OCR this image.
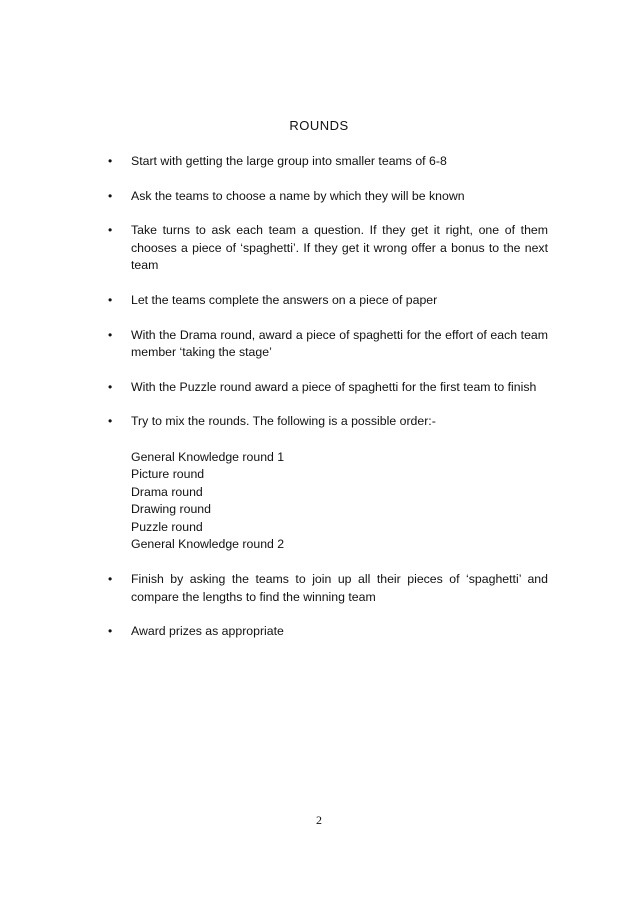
ROUNDS
• Start with getting the large group into smaller teams of 6-8
• Ask the teams to choose a name by which they will be known
• Take turns to ask each team a question. If they get it right, one of them chooses a piece of ‘spaghetti’. If they get it wrong offer a bonus to the next team
• Let the teams complete the answers on a piece of paper
• With the Drama round, award a piece of spaghetti for the effort of each team member ‘taking the stage’
• With the Puzzle round award a piece of spaghetti for the first team to finish
• Try to mix the rounds. The following is a possible order:-
General Knowledge round 1
Picture round
Drama round
Drawing round
Puzzle round
General Knowledge round 2
• Finish by asking the teams to join up all their pieces of ‘spaghetti’ and compare the lengths to find the winning team
• Award prizes as appropriate
2
